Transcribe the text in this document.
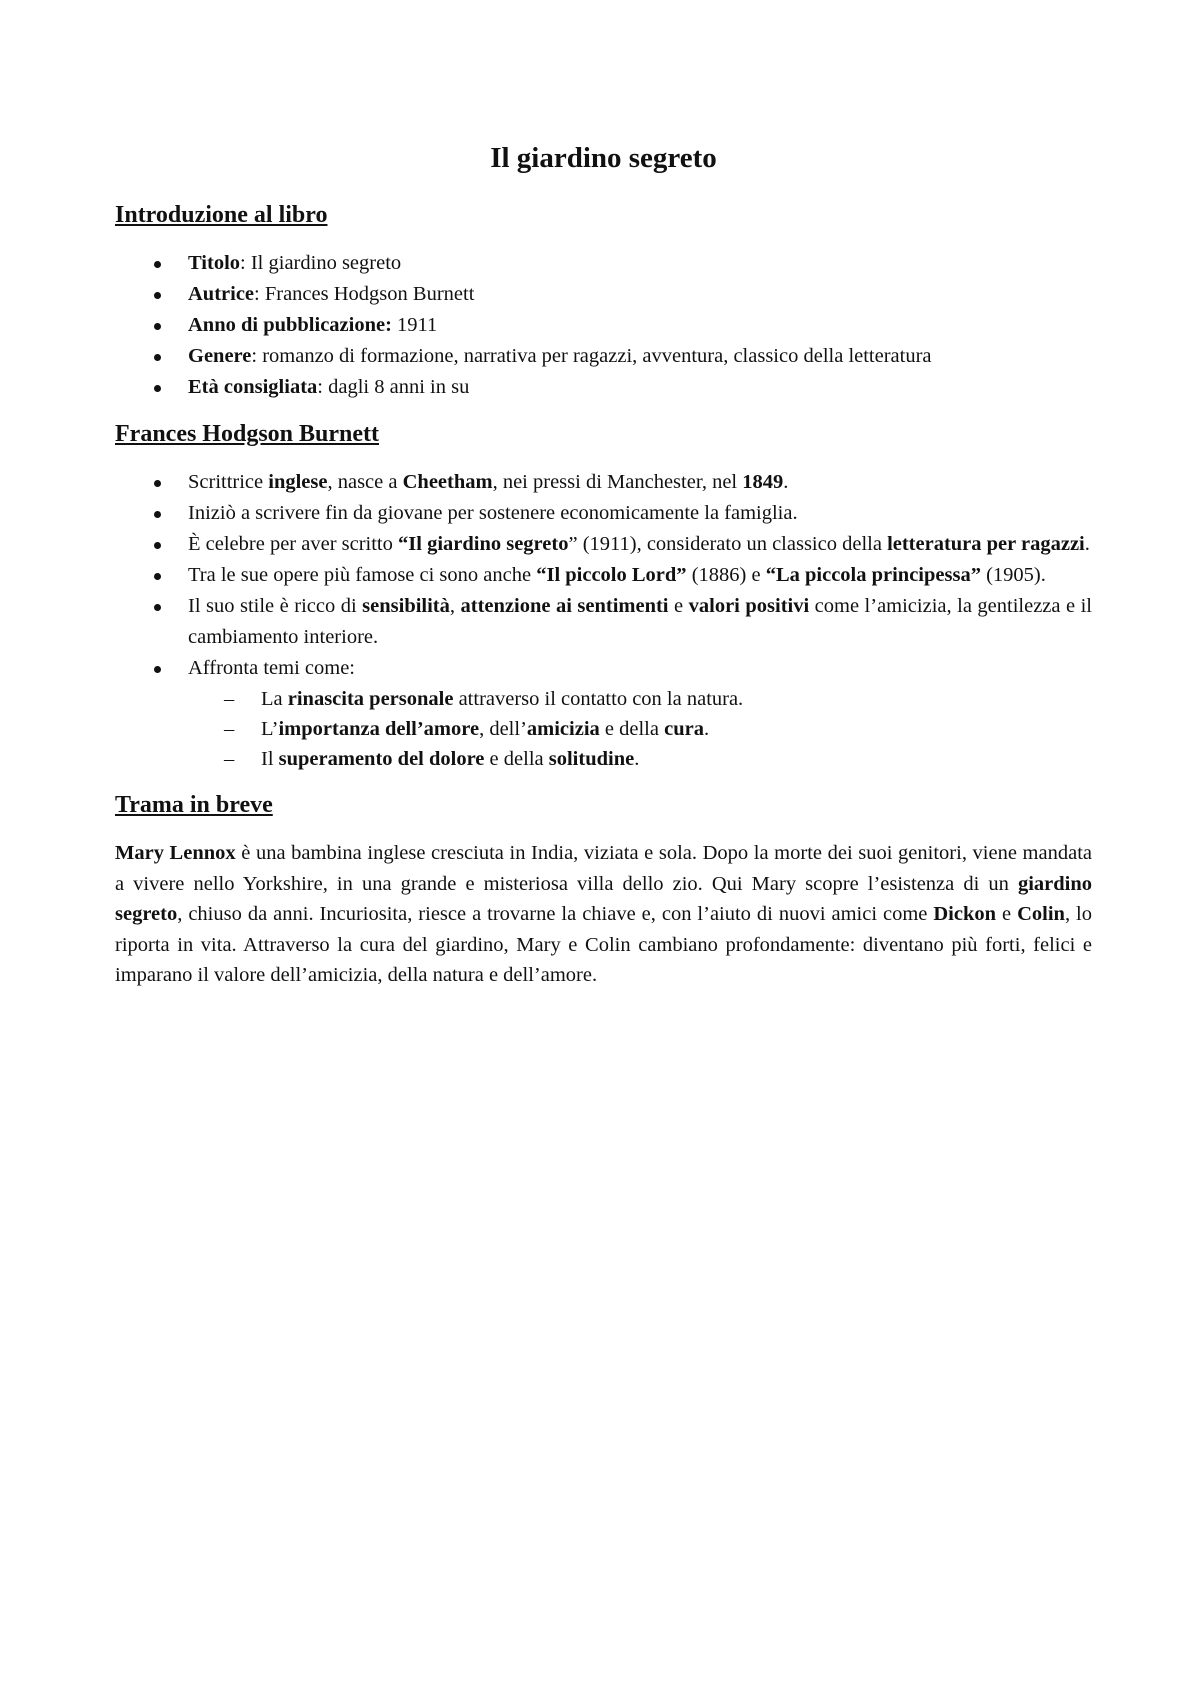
Il giardino segreto
Introduzione al libro
Titolo: Il giardino segreto
Autrice: Frances Hodgson Burnett
Anno di pubblicazione: 1911
Genere: romanzo di formazione, narrativa per ragazzi, avventura, classico della letteratura
Età consigliata: dagli 8 anni in su
Frances Hodgson Burnett
Scrittrice inglese, nasce a Cheetham, nei pressi di Manchester, nel 1849.
Iniziò a scrivere fin da giovane per sostenere economicamente la famiglia.
È celebre per aver scritto “Il giardino segreto” (1911), considerato un classico della letteratura per ragazzi.
Tra le sue opere più famose ci sono anche “Il piccolo Lord” (1886) e “La piccola principessa” (1905).
Il suo stile è ricco di sensibilità, attenzione ai sentimenti e valori positivi come l’amicizia, la gentilezza e il cambiamento interiore.
Affronta temi come:
– La rinascita personale attraverso il contatto con la natura.
– L’importanza dell’amore, dell’amicizia e della cura.
– Il superamento del dolore e della solitudine.
Trama in breve

Mary Lennox è una bambina inglese cresciuta in India, viziata e sola. Dopo la morte dei suoi genitori, viene mandata a vivere nello Yorkshire, in una grande e misteriosa villa dello zio. Qui Mary scopre l’esistenza di un giardino segreto, chiuso da anni. Incuriosita, riesce a trovarne la chiave e, con l’aiuto di nuovi amici come Dickon e Colin, lo riporta in vita. Attraverso la cura del giardino, Mary e Colin cambiano profondamente: diventano più forti, felici e imparano il valore dell’amicizia, della natura e dell’amore.
